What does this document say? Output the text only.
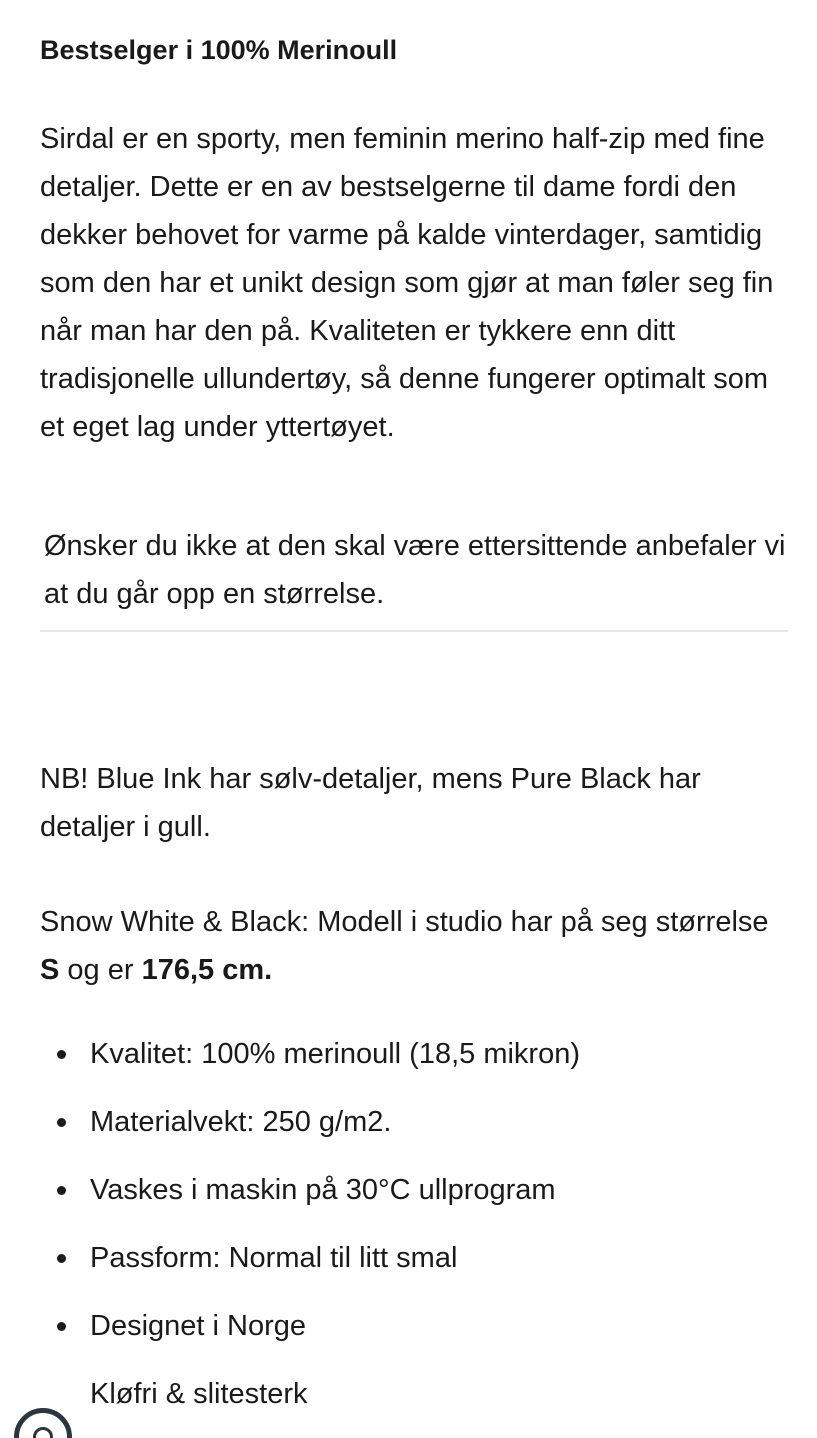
Bestselger i 100% Merinoull

Sirdal er en sporty, men feminin merino half-zip med fine detaljer. Dette er en av bestselgerne til dame fordi den dekker behovet for varme på kalde vinterdager, samtidig som den har et unikt design som gjør at man føler seg fin når man har den på. Kvaliteten er tykkere enn ditt tradisjonelle ullundertøy, så denne fungerer optimalt som et eget lag under yttertøyet.

Ønsker du ikke at den skal være ettersittende anbefaler vi at du går opp en størrelse.

NB! Blue Ink har sølv-detaljer, mens Pure Black har detaljer i gull.

Snow White & Black: Modell i studio har på seg størrelse S og er 176,5 cm.

Kvalitet: 100% merinoull (18,5 mikron)
Materialvekt: 250 g/m2.
Vaskes i maskin på 30°C ullprogram
Passform: Normal til litt smal
Designet i Norge
Kløfri & slitesterk
